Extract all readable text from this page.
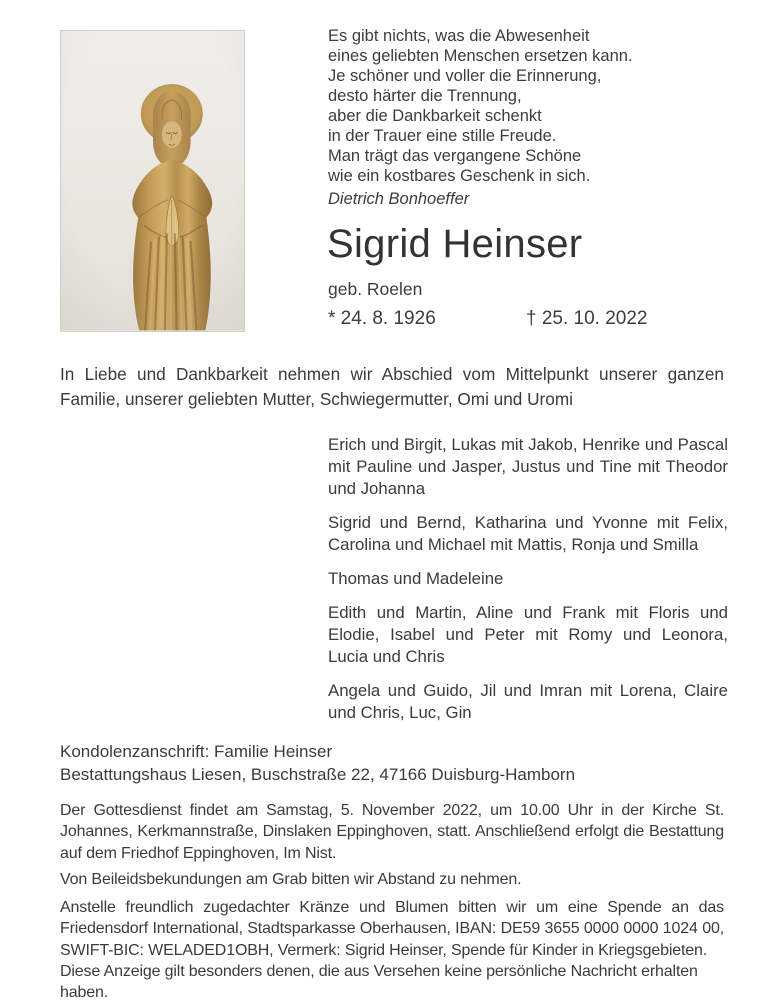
Es gibt nichts, was die Abwesenheit
eines geliebten Menschen ersetzen kann.
Je schöner und voller die Erinnerung,
desto härter die Trennung,
aber die Dankbarkeit schenkt
in der Trauer eine stille Freude.
Man trägt das vergangene Schöne
wie ein kostbares Geschenk in sich.
Dietrich Bonhoeffer
Sigrid Heinser
geb. Roelen
* 24. 8. 1926	† 25. 10. 2022
In Liebe und Dankbarkeit nehmen wir Abschied vom Mittelpunkt unserer ganzen Familie, unserer geliebten Mutter, Schwiegermutter, Omi und Uromi

Erich und Birgit, Lukas mit Jakob, Henrike und Pascal mit Pauline und Jasper, Justus und Tine mit Theodor und Johanna

Sigrid und Bernd, Katharina und Yvonne mit Felix, Carolina und Michael mit Mattis, Ronja und Smilla

Thomas und Madeleine

Edith und Martin, Aline und Frank mit Floris und Elodie, Isabel und Peter mit Romy und Leonora, Lucia und Chris

Angela und Guido, Jil und Imran mit Lorena, Claire und Chris, Luc, Gin

Kondolenzanschrift: Familie Heinser
Bestattungshaus Liesen, Buschstraße 22, 47166 Duisburg-Hamborn
Der Gottesdienst findet am Samstag, 5. November 2022, um 10.00 Uhr in der Kirche St. Johannes, Kerkmannstraße, Dinslaken Eppinghoven, statt. Anschließend erfolgt die Bestattung auf dem Friedhof Eppinghoven, Im Nist.
Von Beileidsbekundungen am Grab bitten wir Abstand zu nehmen.
Anstelle freundlich zugedachter Kränze und Blumen bitten wir um eine Spende an das Friedensdorf International, Stadtsparkasse Oberhausen, IBAN: DE59 3655 0000 0000 1024 00, SWIFT-BIC: WELADED1OBH, Vermerk: Sigrid Heinser, Spende für Kinder in Kriegsgebieten.
Diese Anzeige gilt besonders denen, die aus Versehen keine persönliche Nachricht erhalten haben.
